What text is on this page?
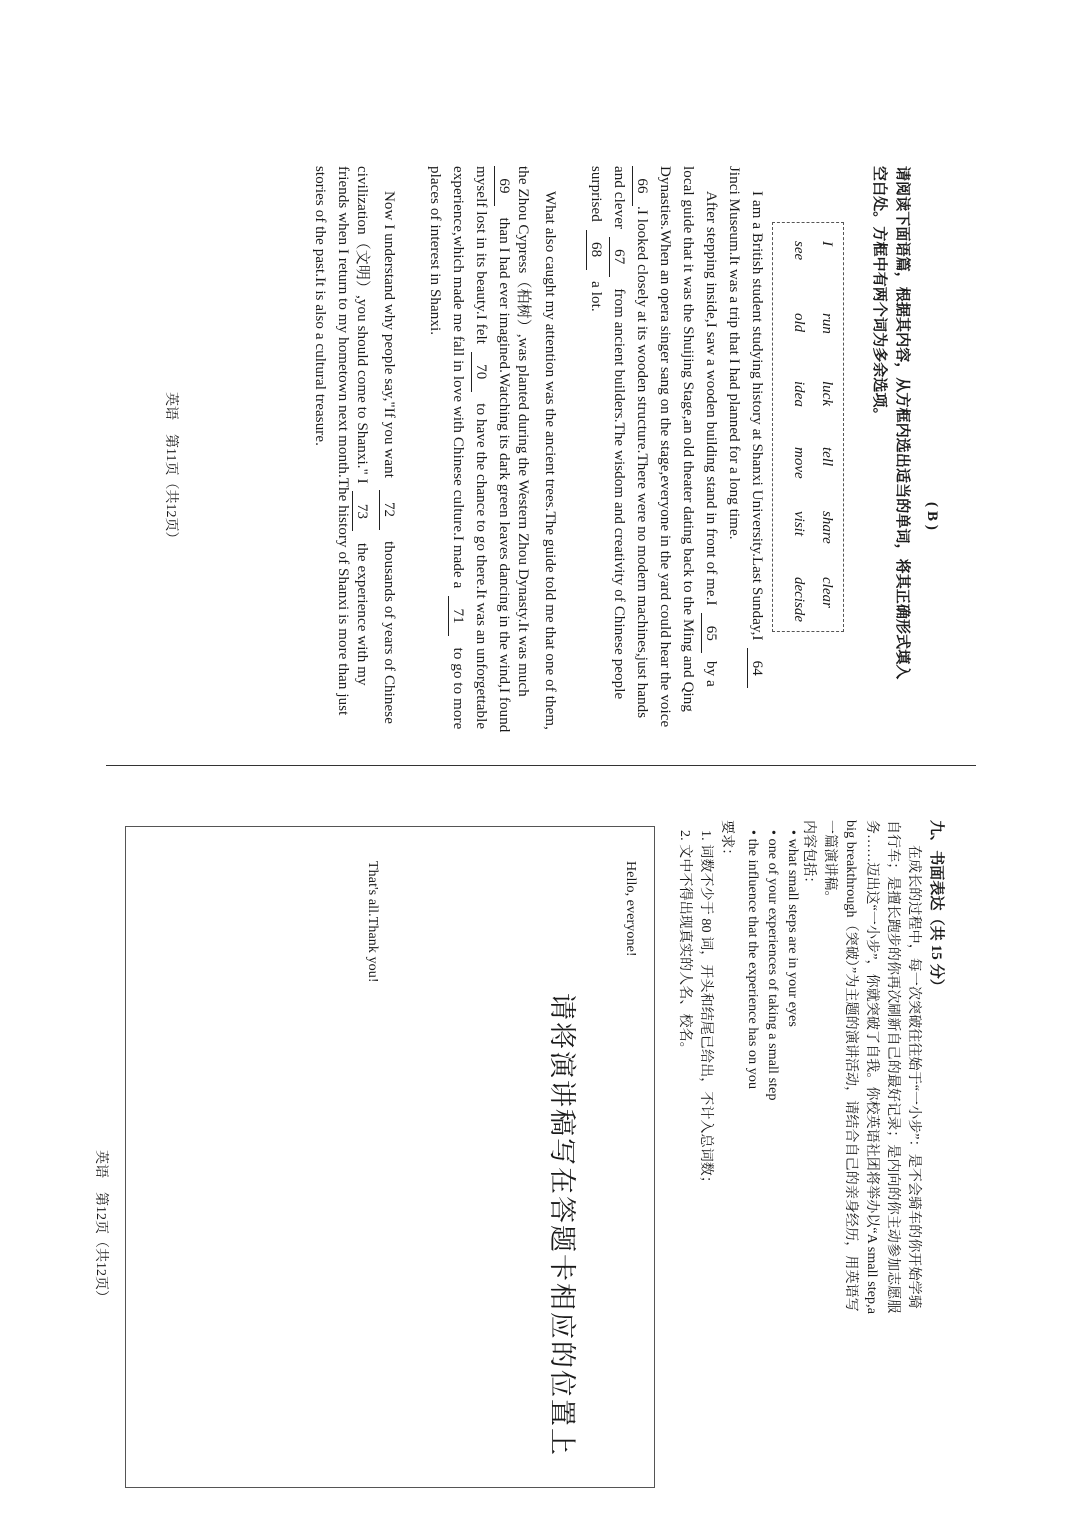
( B )
请阅读下面语篇，根据其内容，从方框内选出适当的单词，将其正确形式填入
空白处。方框中有两个词为多余选项。
I
run
luck
tell
share
clear
see
old
idea
move
visit
decisde
I am a British student studying history at Shanxi University.Last Sunday,I  64
Jinci Museum.It was a trip that I had planned for a long time.
After stepping inside,I saw a wooden building stand in front of me.I  65  by a
local guide that it was the Shuijing Stage,an old theater dating back to the Ming and Qing
Dynasties.When an opera singer sang on the stage,everyone in the yard could hear the voice
66.I looked closely at its wooden structure.There were no modern machines,just hands
and clever  67   from ancient builders.The wisdom and creativity of Chinese people
surprised  68   a lot.
What also caught my attention was the ancient trees.The guide told me that one of them,
the Zhou Cypress（柏树）,was planted during the Western Zhou Dynasty.It was much
69   than I had ever imagined.Watching its dark green leaves dancing in the wind,I found
myself lost in its beauty.I felt  70   to have the chance to go there.It was an unforgettable
experience,which made me fall in love with Chinese culture.I made a  71   to go to more
places of interest in Shanxi.
Now I understand why people say,"If you want   72   thousands of years of Chinese
civilization（文明）,you should come to Shanxi." I  73   the experience with my
friends when I return to my hometown next month.The history of Shanxi is more than just
stories of the past.It is also a cultural treasure.
英语　第11页（共12页）
九、书面表达（共 15 分）
在成长的过程中，每一次突破往往始于“一小步”：是不会骑车的你开始学骑
自行车；是擅长跑步的你再次刷新自己的最好记录；是内向的你主动参加志愿服
务……迈出这“一小步”，你就突破了自我。你校英语社团将举办以“A small step,a
big breakthrough（突破）”为主题的演讲活动，请结合自己的亲身经历，用英语写
一篇演讲稿。
内容包括：
• what small steps are in your eyes
• one of your experiences of taking a small step
• the influence that the experience has on you
要求：
1. 词数不少于 80 词，开头和结尾已给出，不计入总词数；
2. 文中不得出现真实的人名、校名。
Hello, everyone!
请将演讲稿写在答题卡相应的位置上
That's all.Thank you!
英语　第12页（共12页）
